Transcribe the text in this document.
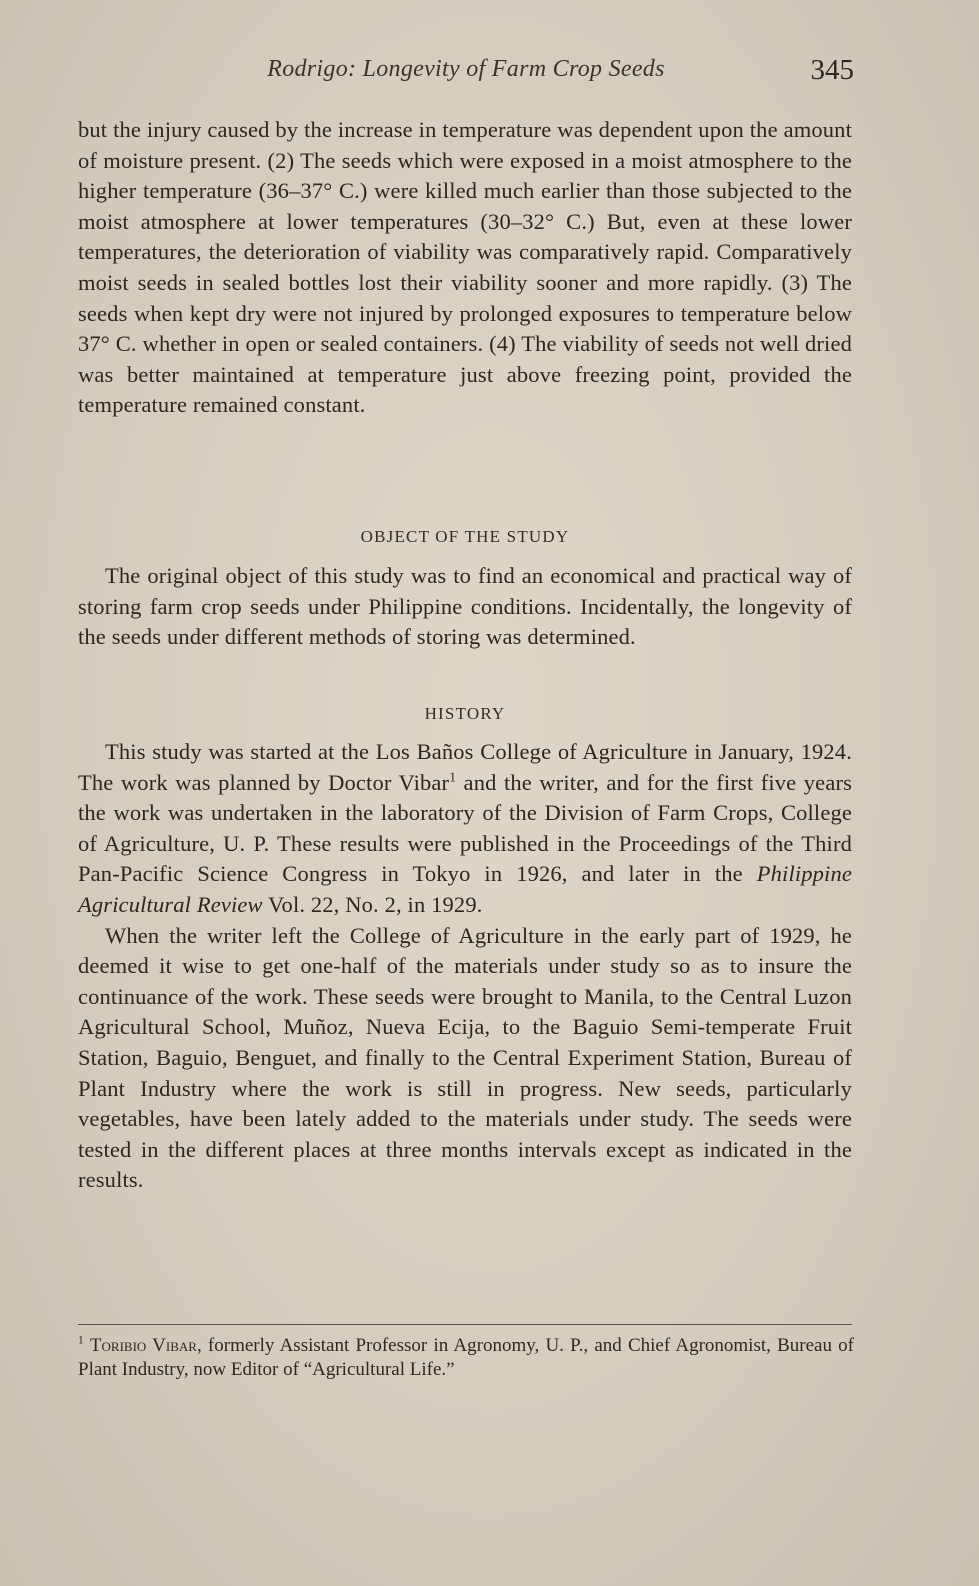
Rodrigo: Longevity of Farm Crop Seeds	345

but the injury caused by the increase in temperature was dependent upon the amount of moisture present. (2) The seeds which were exposed in a moist atmosphere to the higher temperature (36–37° C.) were killed much earlier than those subjected to the moist atmosphere at lower temperatures (30–32° C.) But, even at these lower temperatures, the deterioration of viability was comparatively rapid. Comparatively moist seeds in sealed bottles lost their viability sooner and more rapidly. (3) The seeds when kept dry were not injured by prolonged exposures to temperature below 37° C. whether in open or sealed containers. (4) The viability of seeds not well dried was better maintained at temperature just above freezing point, provided the temperature remained constant.

OBJECT OF THE STUDY

The original object of this study was to find an economical and practical way of storing farm crop seeds under Philippine conditions. Incidentally, the longevity of the seeds under different methods of storing was determined.

HISTORY

This study was started at the Los Baños College of Agriculture in January, 1924. The work was planned by Doctor Vibar$^1$ and the writer, and for the first five years the work was undertaken in the laboratory of the Division of Farm Crops, College of Agriculture, U. P. These results were published in the Proceedings of the Third Pan-Pacific Science Congress in Tokyo in 1926, and later in the Philippine Agricultural Review Vol. 22, No. 2, in 1929.

When the writer left the College of Agriculture in the early part of 1929, he deemed it wise to get one-half of the materials under study so as to insure the continuance of the work. These seeds were brought to Manila, to the Central Luzon Agricultural School, Muñoz, Nueva Ecija, to the Baguio Semi-temperate Fruit Station, Baguio, Benguet, and finally to the Central Experiment Station, Bureau of Plant Industry where the work is still in progress. New seeds, particularly vegetables, have been lately added to the materials under study. The seeds were tested in the different places at three months intervals except as indicated in the results.

$^1$ Toribio Vibar, formerly Assistant Professor in Agronomy, U. P., and Chief Agronomist, Bureau of Plant Industry, now Editor of “Agricultural Life.”
